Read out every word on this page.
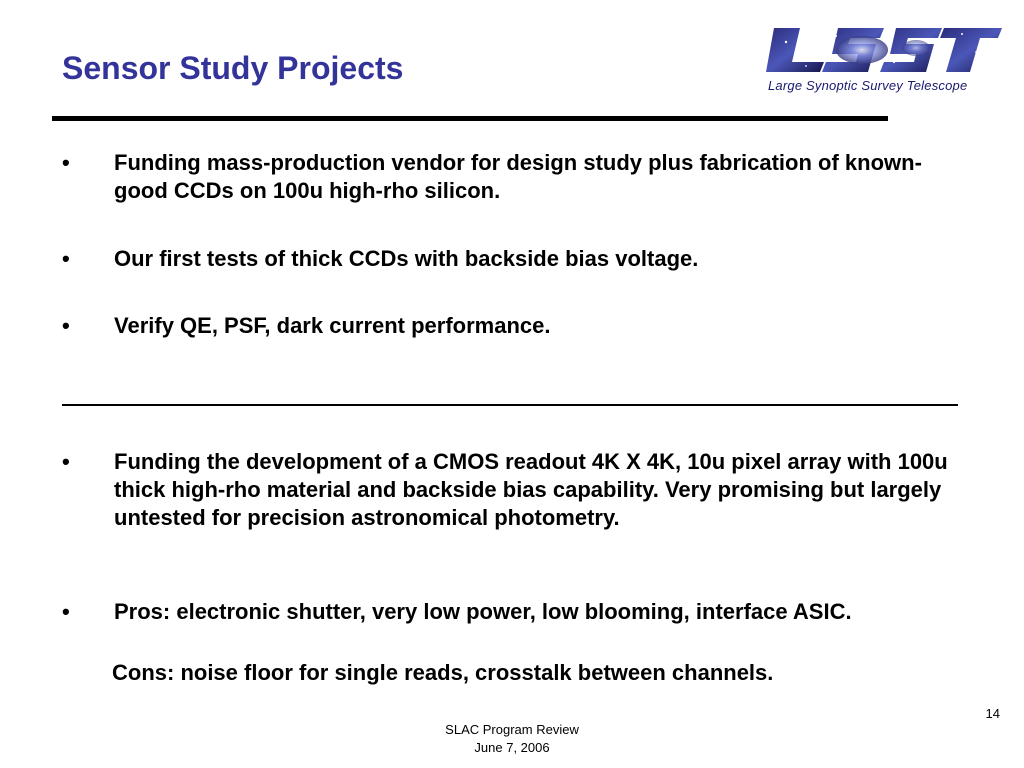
Sensor Study Projects	Large Synoptic Survey Telescope
•	Funding mass-production vendor for design study plus fabrication of known-good CCDs on 100u high-rho silicon.
•	Our first tests of thick CCDs with backside bias voltage.
•	Verify QE, PSF, dark current performance.
•	Funding the development of a CMOS readout 4K X 4K, 10u pixel array with 100u thick high-rho material and backside bias capability. Very promising but largely untested for precision astronomical photometry.
•	Pros: electronic shutter, very low power, low blooming, interface ASIC.
Cons: noise floor for single reads, crosstalk between channels.
14
SLAC Program Review
June 7, 2006
